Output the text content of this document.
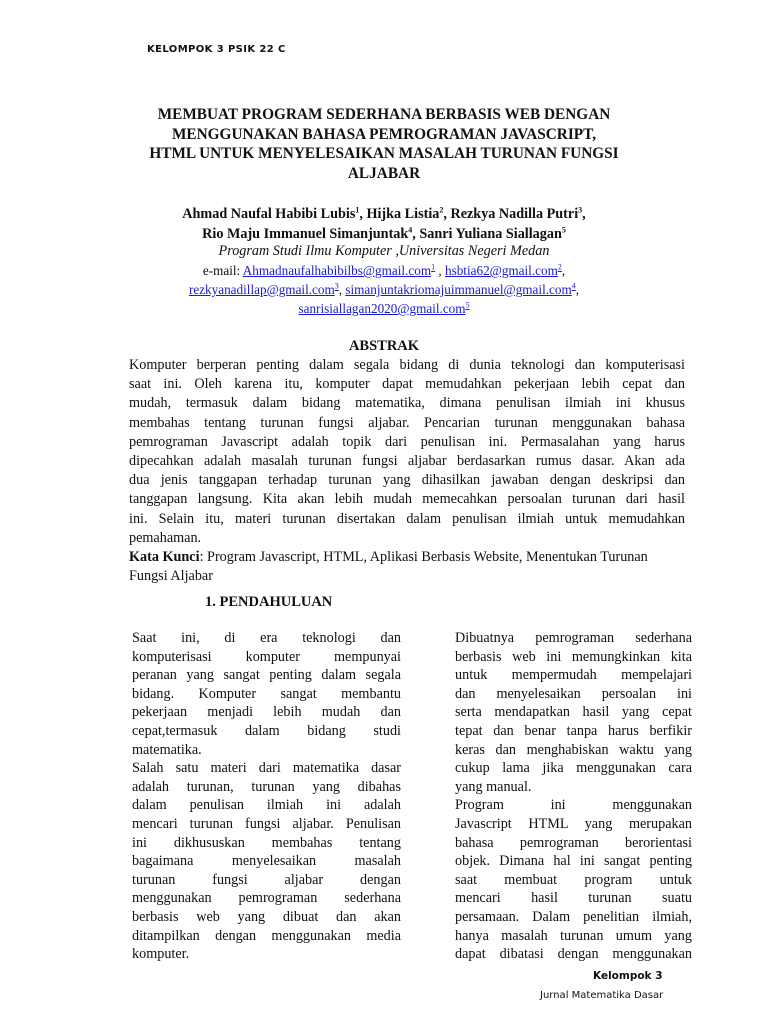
KELOMPOK 3 PSIK 22 C
MEMBUAT PROGRAM SEDERHANA BERBASIS WEB DENGAN
MENGGUNAKAN BAHASA PEMROGRAMAN JAVASCRIPT,
HTML UNTUK MENYELESAIKAN MASALAH TURUNAN FUNGSI
ALJABAR
Ahmad Naufal Habibi Lubis$^1$, Hijka Listia$^2$, Rezkya Nadilla Putri$^3$,
Rio Maju Immanuel Simanjuntak$^4$, Sanri Yuliana Siallagan$^5$
Program Studi Ilmu Komputer ,Universitas Negeri Medan
e-mail: Ahmadnaufalhabibilbs@gmail.com$^1$ , hsbtia62@gmail.com$^2$,
rezkyanadillap@gmail.com$^3$, simanjuntakriomajuimmanuel@gmail.com$^4$,
sanrisiallagan2020@gmail.com$^5$
ABSTRAK
Komputer berperan penting dalam segala bidang di dunia teknologi dan komputerisasi
saat ini. Oleh karena itu, komputer dapat memudahkan pekerjaan lebih cepat dan
mudah, termasuk dalam bidang matematika, dimana penulisan ilmiah ini khusus
membahas tentang turunan fungsi aljabar. Pencarian turunan menggunakan bahasa
pemrograman Javascript adalah topik dari penulisan ini. Permasalahan yang harus
dipecahkan adalah masalah turunan fungsi aljabar berdasarkan rumus dasar. Akan ada
dua jenis tanggapan terhadap turunan yang dihasilkan jawaban dengan deskripsi dan
tanggapan langsung. Kita akan lebih mudah memecahkan persoalan turunan dari hasil
ini. Selain itu, materi turunan disertakan dalam penulisan ilmiah untuk memudahkan
pemahaman.
Kata Kunci: Program Javascript, HTML, Aplikasi Berbasis Website, Menentukan Turunan Fungsi Aljabar
1. PENDAHULUAN
Saat ini, di era teknologi dan
komputerisasi komputer mempunyai
peranan yang sangat penting dalam segala
bidang. Komputer sangat membantu
pekerjaan menjadi lebih mudah dan
cepat,termasuk dalam bidang studi
matematika.
Salah satu materi dari matematika dasar
adalah turunan, turunan yang dibahas
dalam penulisan ilmiah ini adalah
mencari turunan fungsi aljabar. Penulisan
ini dikhususkan membahas tentang
bagaimana menyelesaikan masalah
turunan fungsi aljabar dengan
menggunakan pemrograman sederhana
berbasis web yang dibuat dan akan
ditampilkan dengan menggunakan media
komputer.
Dibuatnya pemrograman sederhana
berbasis web ini memungkinkan kita
untuk mempermudah mempelajari
dan menyelesaikan persoalan ini
serta mendapatkan hasil yang cepat
tepat dan benar tanpa harus berfikir
keras dan menghabiskan waktu yang
cukup lama jika menggunakan cara
yang manual.
Program ini menggunakan
Javascript HTML yang merupakan
bahasa pemrograman berorientasi
objek. Dimana hal ini sangat penting
saat membuat program untuk
mencari hasil turunan suatu
persamaan. Dalam penelitian ilmiah,
hanya masalah turunan umum yang
dapat dibatasi dengan menggunakan
Kelompok 3
Jurnal Matematika Dasar
